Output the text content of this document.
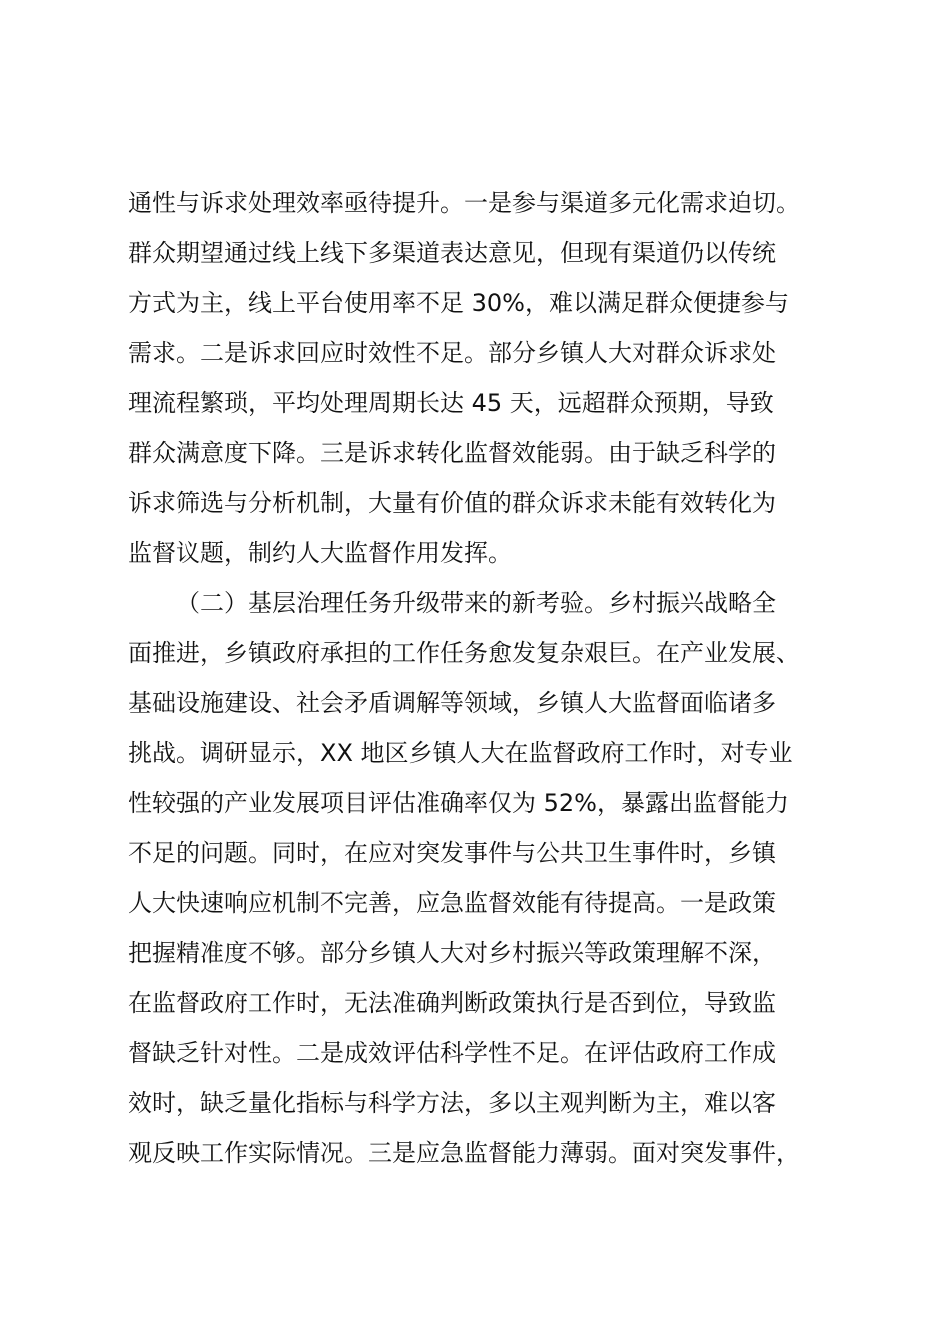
通性与诉求处理效率亟待提升。一是参与渠道多元化需求迫切。
群众期望通过线上线下多渠道表达意见，但现有渠道仍以传统
方式为主，线上平台使用率不足 30%，难以满足群众便捷参与
需求。二是诉求回应时效性不足。部分乡镇人大对群众诉求处
理流程繁琐，平均处理周期长达 45 天，远超群众预期，导致
群众满意度下降。三是诉求转化监督效能弱。由于缺乏科学的
诉求筛选与分析机制，大量有价值的群众诉求未能有效转化为
监督议题，制约人大监督作用发挥。
（二）基层治理任务升级带来的新考验。乡村振兴战略全
面推进，乡镇政府承担的工作任务愈发复杂艰巨。在产业发展、
基础设施建设、社会矛盾调解等领域，乡镇人大监督面临诸多
挑战。调研显示，XX 地区乡镇人大在监督政府工作时，对专业
性较强的产业发展项目评估准确率仅为 52%，暴露出监督能力
不足的问题。同时，在应对突发事件与公共卫生事件时，乡镇
人大快速响应机制不完善，应急监督效能有待提高。一是政策
把握精准度不够。部分乡镇人大对乡村振兴等政策理解不深，
在监督政府工作时，无法准确判断政策执行是否到位，导致监
督缺乏针对性。二是成效评估科学性不足。在评估政府工作成
效时，缺乏量化指标与科学方法，多以主观判断为主，难以客
观反映工作实际情况。三是应急监督能力薄弱。面对突发事件，
